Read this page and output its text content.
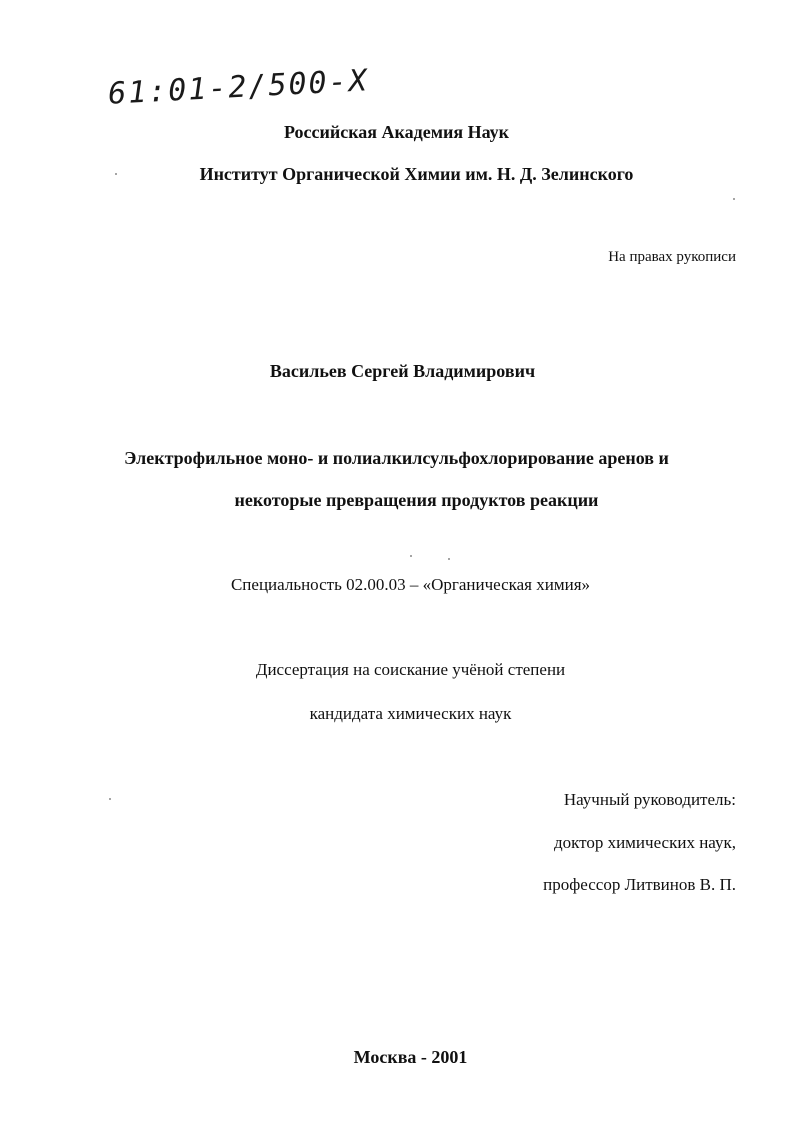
61:01-2/500-X
Российская Академия Наук
Институт Органической Химии им. Н. Д. Зелинского
На правах рукописи
Васильев Сергей Владимирович
Электрофильное моно- и полиалкилсульфохлорирование аренов и
некоторые превращения продуктов реакции
Специальность 02.00.03 – «Органическая химия»
Диссертация на соискание учёной степени
кандидата химических наук
Научный руководитель:
доктор химических наук,
профессор Литвинов В. П.
Москва - 2001
